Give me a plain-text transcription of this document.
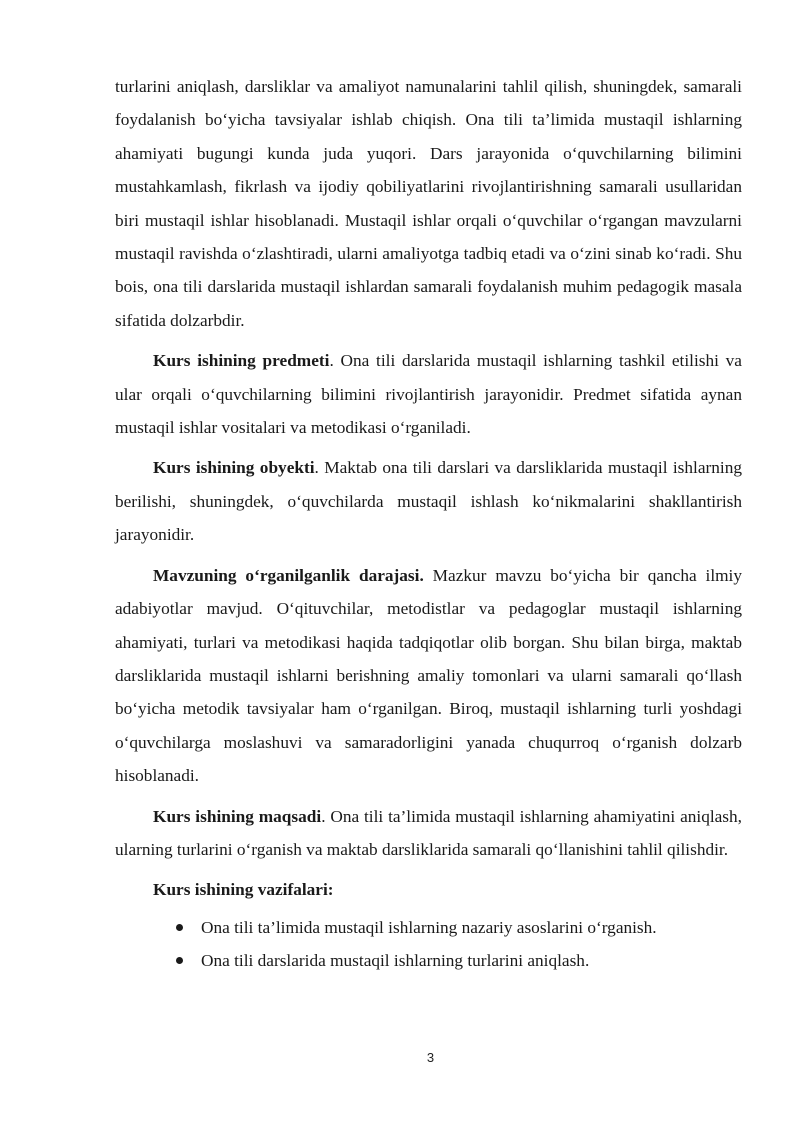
turlarini aniqlash, darsliklar va amaliyot namunalarini tahlil qilish, shuningdek, samarali foydalanish bo‘yicha tavsiyalar ishlab chiqish. Ona tili ta’limida mustaqil ishlarning ahamiyati bugungi kunda juda yuqori. Dars jarayonida o‘quvchilarning bilimini mustahkamlash, fikrlash va ijodiy qobiliyatlarini rivojlantirishning samarali usullaridan biri mustaqil ishlar hisoblanadi. Mustaqil ishlar orqali o‘quvchilar o‘rgangan mavzularni mustaqil ravishda o‘zlashtiradi, ularni amaliyotga tadbiq etadi va o‘zini sinab ko‘radi. Shu bois, ona tili darslarida mustaqil ishlardan samarali foydalanish muhim pedagogik masala sifatida dolzarbdir.

Kurs ishining predmeti. Ona tili darslarida mustaqil ishlarning tashkil etilishi va ular orqali o‘quvchilarning bilimini rivojlantirish jarayonidir. Predmet sifatida aynan mustaqil ishlar vositalari va metodikasi o‘rganiladi.

Kurs ishining obyekti. Maktab ona tili darslari va darsliklarida mustaqil ishlarning berilishi, shuningdek, o‘quvchilarda mustaqil ishlash ko‘nikmalarini shakllantirish jarayonidir.

Mavzuning o‘rganilganlik darajasi. Mazkur mavzu bo‘yicha bir qancha ilmiy adabiyotlar mavjud. O‘qituvchilar, metodistlar va pedagoglar mustaqil ishlarning ahamiyati, turlari va metodikasi haqida tadqiqotlar olib borgan. Shu bilan birga, maktab darsliklarida mustaqil ishlarni berishning amaliy tomonlari va ularni samarali qo‘llash bo‘yicha metodik tavsiyalar ham o‘rganilgan. Biroq, mustaqil ishlarning turli yoshdagi o‘quvchilarga moslashuvi va samaradorligini yanada chuqurroq o‘rganish dolzarb hisoblanadi.

Kurs ishining maqsadi. Ona tili ta’limida mustaqil ishlarning ahamiyatini aniqlash, ularning turlarini o‘rganish va maktab darsliklarida samarali qo‘llanishini tahlil qilishdir.

Kurs ishining vazifalari:

Ona tili ta’limida mustaqil ishlarning nazariy asoslarini o‘rganish.
Ona tili darslarida mustaqil ishlarning turlarini aniqlash.
3
